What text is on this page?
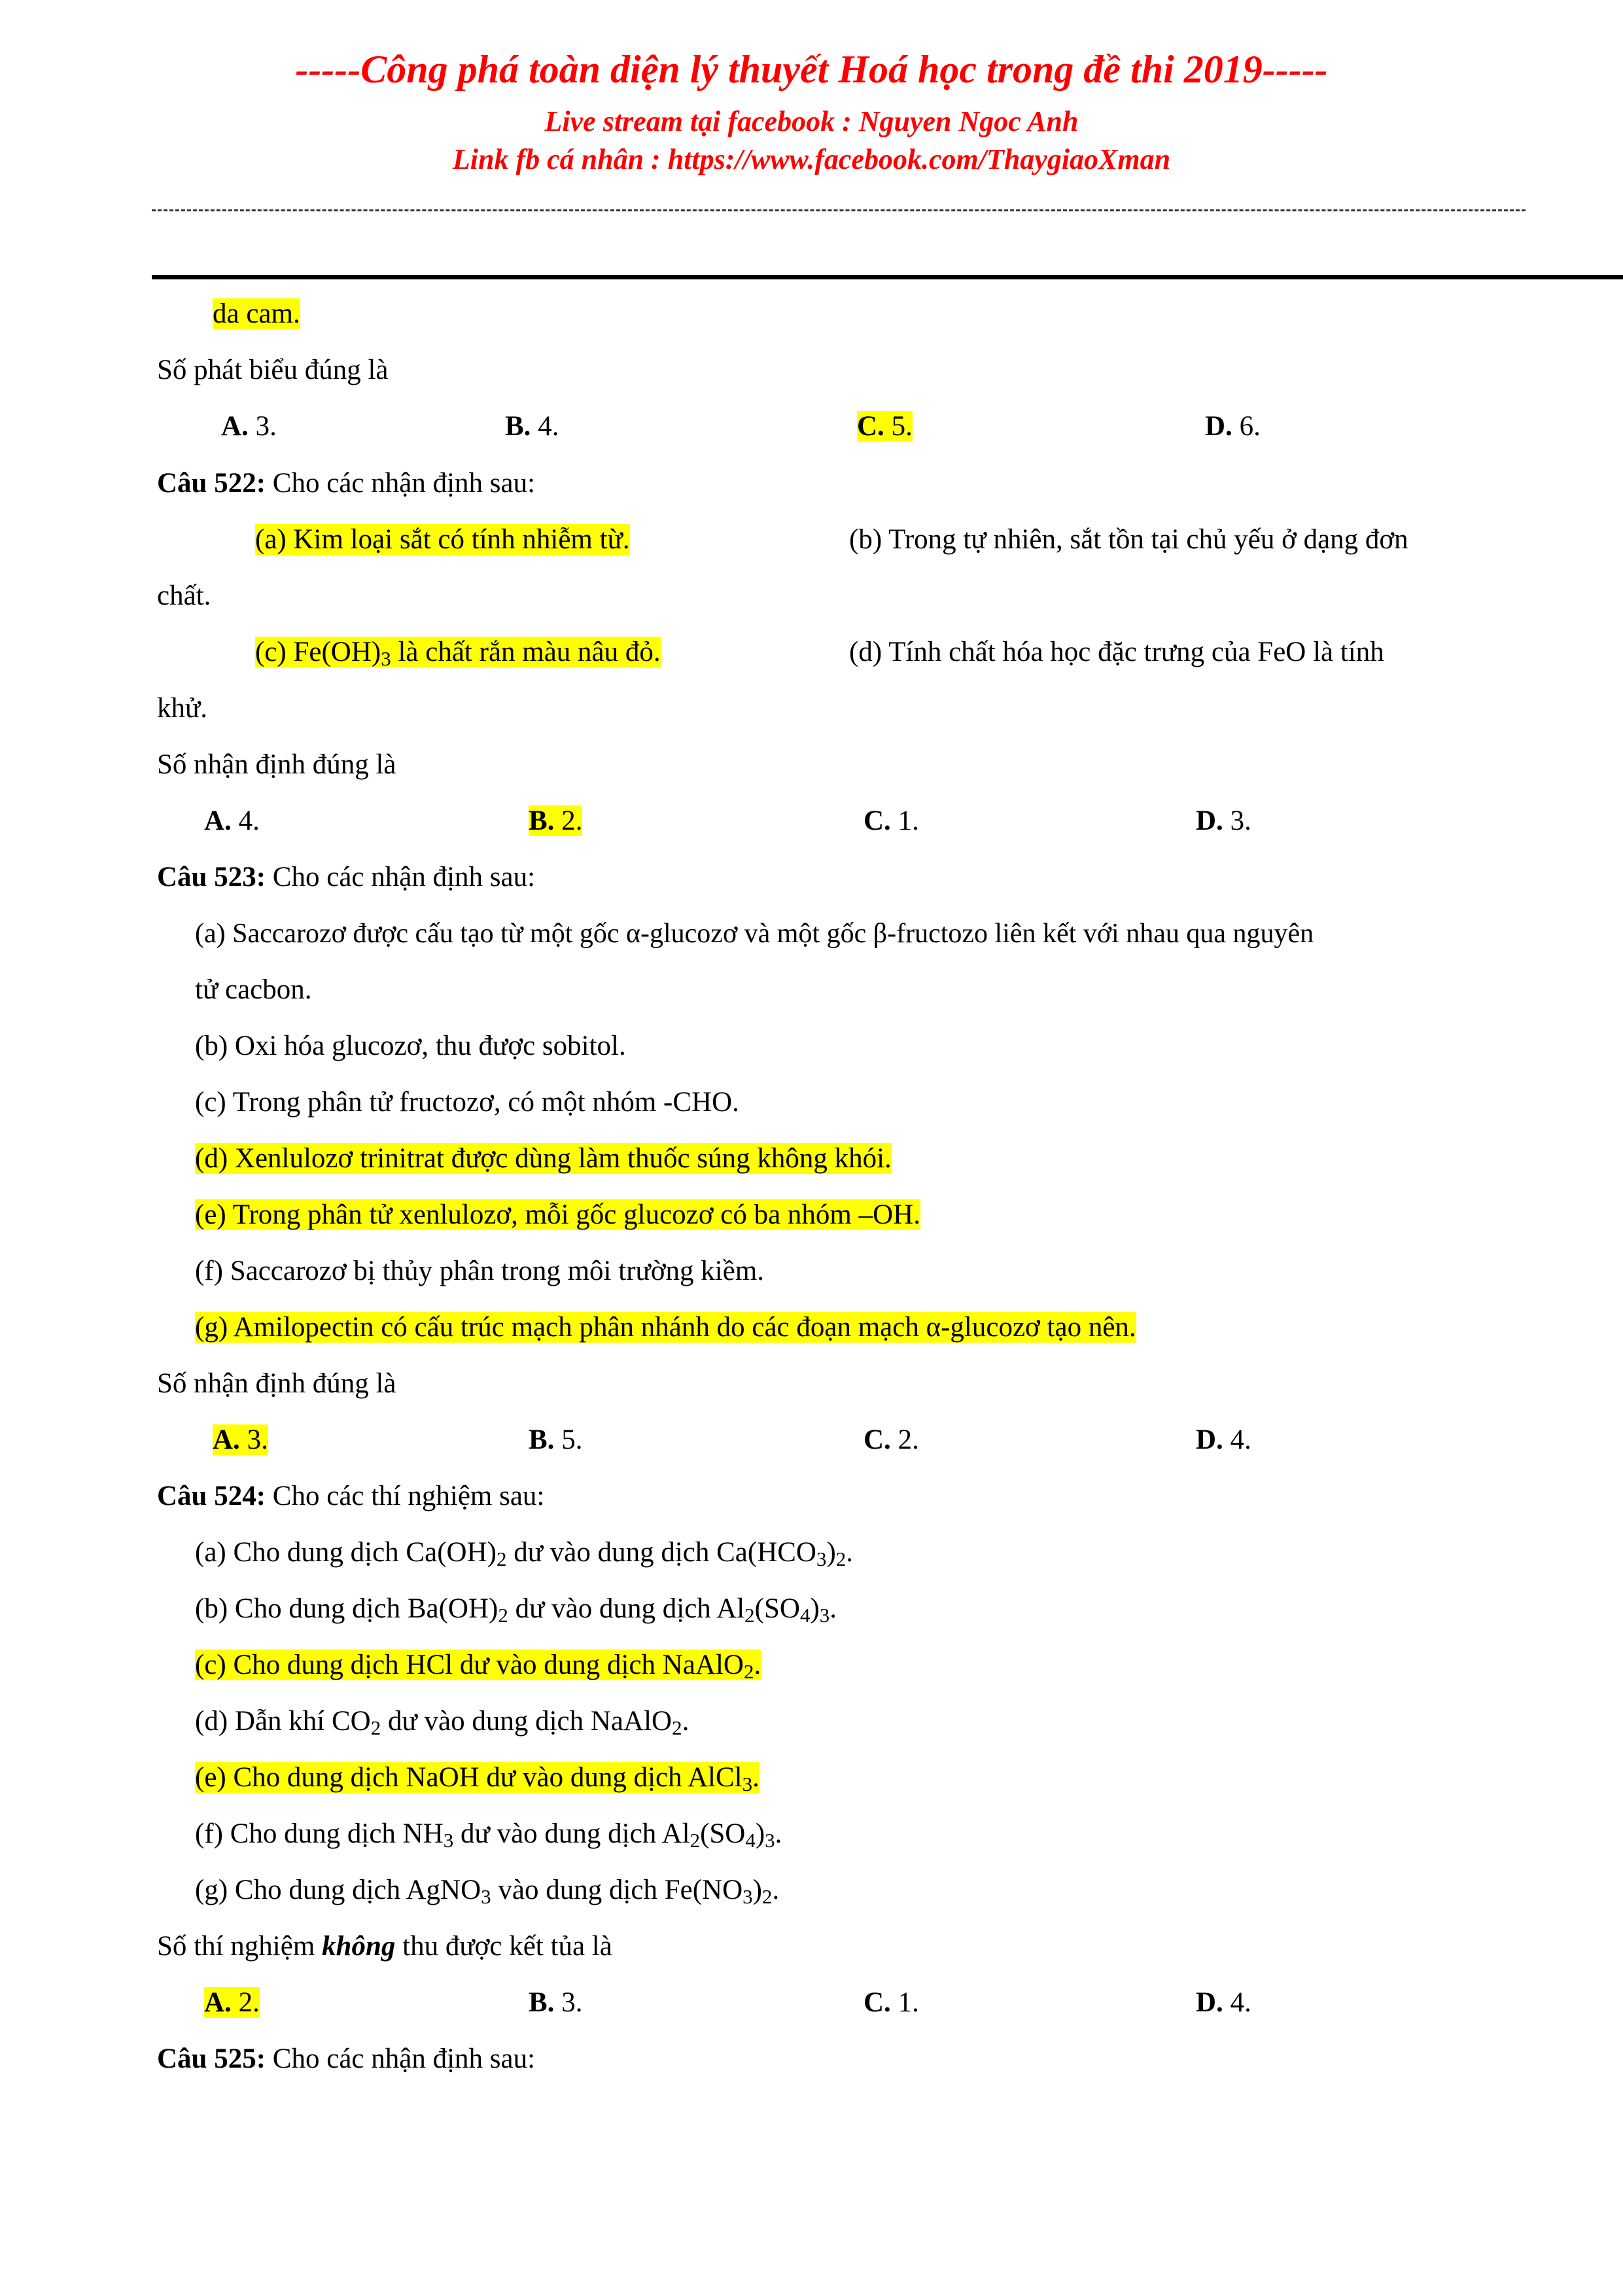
-----Công phá toàn diện lý thuyết Hoá học trong đề thi 2019-----
Live stream tại facebook : Nguyen Ngoc Anh
Link fb cá nhân : https://www.facebook.com/ThaygiaoXman
da cam.
Số phát biểu đúng là
A. 3.	B. 4.	C. 5.	D. 6.
Câu 522: Cho các nhận định sau:
(a) Kim loại sắt có tính nhiễm từ.	(b) Trong tự nhiên, sắt tồn tại chủ yếu ở dạng đơn
chất.
(c) $Fe(OH)_3$ là chất rắn màu nâu đỏ.	(d) Tính chất hóa học đặc trưng của FeO là tính
khử.
Số nhận định đúng là
A. 4.	B. 2.	C. 1.	D. 3.
Câu 523: Cho các nhận định sau:
(a) Saccarozơ được cấu tạo từ một gốc α-glucozơ và một gốc β-fructozo liên kết với nhau qua nguyên
tử cacbon.
(b) Oxi hóa glucozơ, thu được sobitol.
(c) Trong phân tử fructozơ, có một nhóm -CHO.
(d) Xenlulozơ trinitrat được dùng làm thuốc súng không khói.
(e) Trong phân tử xenlulozơ, mỗi gốc glucozơ có ba nhóm –OH.
(f) Saccarozơ bị thủy phân trong môi trường kiềm.
(g) Amilopectin có cấu trúc mạch phân nhánh do các đoạn mạch α-glucozơ tạo nên.
Số nhận định đúng là
A. 3.	B. 5.	C. 2.	D. 4.
Câu 524: Cho các thí nghiệm sau:
(a) Cho dung dịch $Ca(OH)_2$ dư vào dung dịch $Ca(HCO_3)_2$.
(b) Cho dung dịch $Ba(OH)_2$ dư vào dung dịch $Al_2(SO_4)_3$.
(c) Cho dung dịch HCl dư vào dung dịch NaAlO$_2$.
(d) Dẫn khí $CO_2$ dư vào dung dịch NaAlO$_2$.
(e) Cho dung dịch NaOH dư vào dung dịch AlCl$_3$.
(f) Cho dung dịch $NH_3$ dư vào dung dịch $Al_2(SO_4)_3$.
(g) Cho dung dịch AgNO$_3$ vào dung dịch $Fe(NO_3)_2$.
Số thí nghiệm không thu được kết tủa là
A. 2.	B. 3.	C. 1.	D. 4.
Câu 525: Cho các nhận định sau:
